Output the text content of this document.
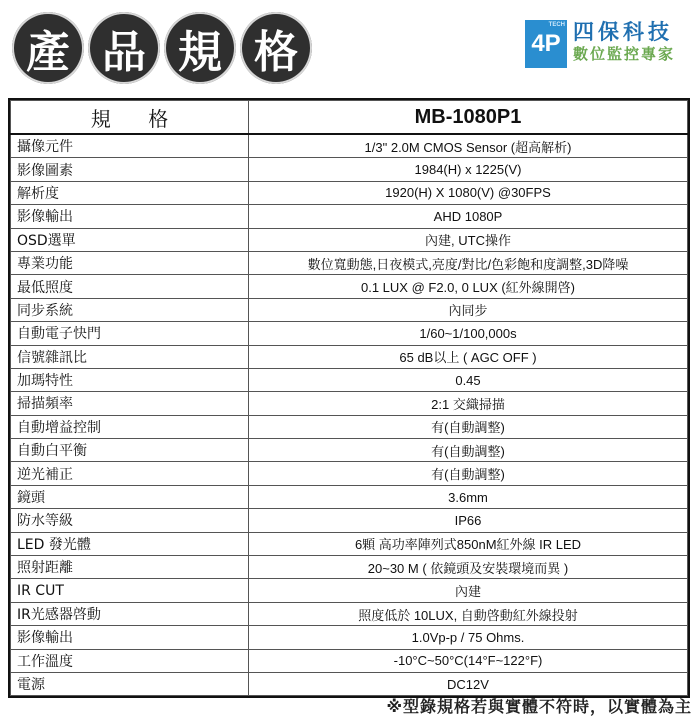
產 品 規 格	4P
TECH 四保科技
數位監控專家
規 格	MB-1080P1
攝像元件	1/3" 2.0M CMOS Sensor (超高解析)
影像圖素	1984(H) x 1225(V)
解析度	1920(H) X 1080(V) @30FPS
影像輸出	AHD 1080P
OSD選單	內建, UTC操作
專業功能	數位寬動態,日夜模式,亮度/對比/色彩飽和度調整,3D降噪
最低照度	0.1 LUX @ F2.0, 0 LUX (紅外線開啓)
同步系統	內同步
自動電子快門	1/60~1/100,000s
信號雜訊比	65 dB以上 ( AGC OFF )
加瑪特性	0.45
掃描頻率	2:1 交織掃描
自動增益控制	有(自動調整)
自動白平衡	有(自動調整)
逆光補正	有(自動調整)
鏡頭	3.6mm
防水等級	IP66
LED 發光體	6顆 高功率陣列式850nM紅外線 IR LED
照射距離	20~30 M ( 依鏡頭及安裝環境而異 )
IR CUT	內建
IR光感器啓動	照度低於 10LUX, 自動啓動紅外線投射
影像輸出	1.0Vp-p / 75 Ohms.
工作溫度	-10°C~50°C(14°F~122°F)
電源	DC12V
※型錄規格若與實體不符時，以實體為主
